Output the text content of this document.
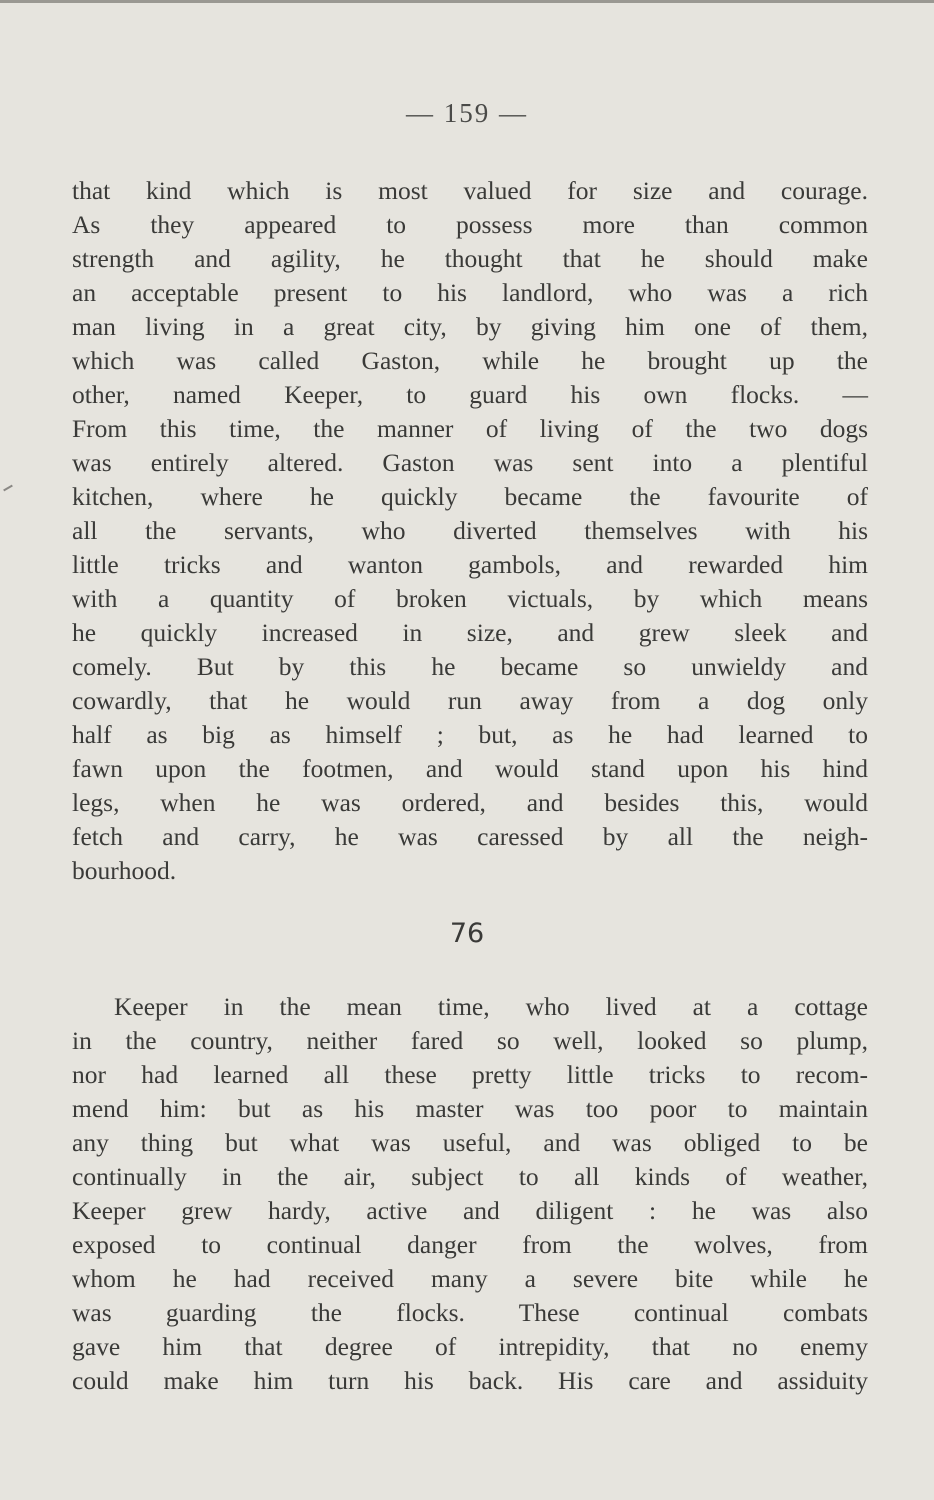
— 159 —
that kind which is most valued for size and courage.
As they appeared to possess more than common
strength and agility, he thought that he should make
an acceptable present to his landlord, who was a rich
man living in a great city, by giving him one of them,
which was called Gaston, while he brought up the
other, named Keeper, to guard his own flocks. —
From this time, the manner of living of the two dogs
was entirely altered. Gaston was sent into a plentiful
kitchen, where he quickly became the favourite of
all the servants, who diverted themselves with his
little tricks and wanton gambols, and rewarded him
with a quantity of broken victuals, by which means
he quickly increased in size, and grew sleek and
comely. But by this he became so unwieldy and
cowardly, that he would run away from a dog only
half as big as himself ; but, as he had learned to
fawn upon the footmen, and would stand upon his hind
legs, when he was ordered, and besides this, would
fetch and carry, he was caressed by all the neigh-
bourhood.
76
Keeper in the mean time, who lived at a cottage
in the country, neither fared so well, looked so plump,
nor had learned all these pretty little tricks to recom-
mend him: but as his master was too poor to maintain
any thing but what was useful, and was obliged to be
continually in the air, subject to all kinds of weather,
Keeper grew hardy, active and diligent : he was also
exposed to continual danger from the wolves, from
whom he had received many a severe bite while he
was guarding the flocks. These continual combats
gave him that degree of intrepidity, that no enemy
could make him turn his back. His care and assiduity
